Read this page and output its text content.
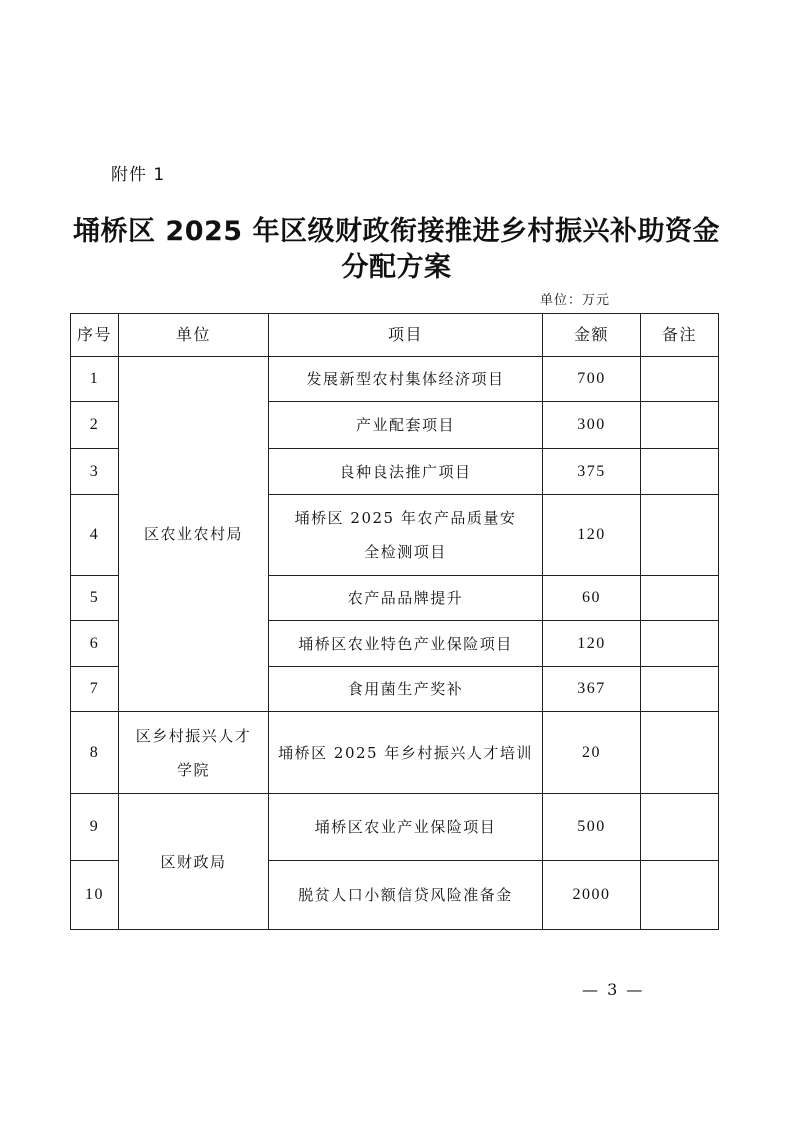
附件 1
埇桥区 2025 年区级财政衔接推进乡村振兴补助资金
分配方案
单位：万元
序号	单位	项目	金额	备注
1	区农业农村局	发展新型农村集体经济项目	700	
2		产业配套项目	300	
3		良种良法推广项目	375	
4		埇桥区 2025 年农产品质量安全检测项目	120	
5		农产品品牌提升	60	
6		埇桥区农业特色产业保险项目	120	
7		食用菌生产奖补	367	
8	区乡村振兴人才学院	埇桥区 2025 年乡村振兴人才培训	20	
9	区财政局	埇桥区农业产业保险项目	500	
10		脱贫人口小额信贷风险准备金	2000	
— 3 —
